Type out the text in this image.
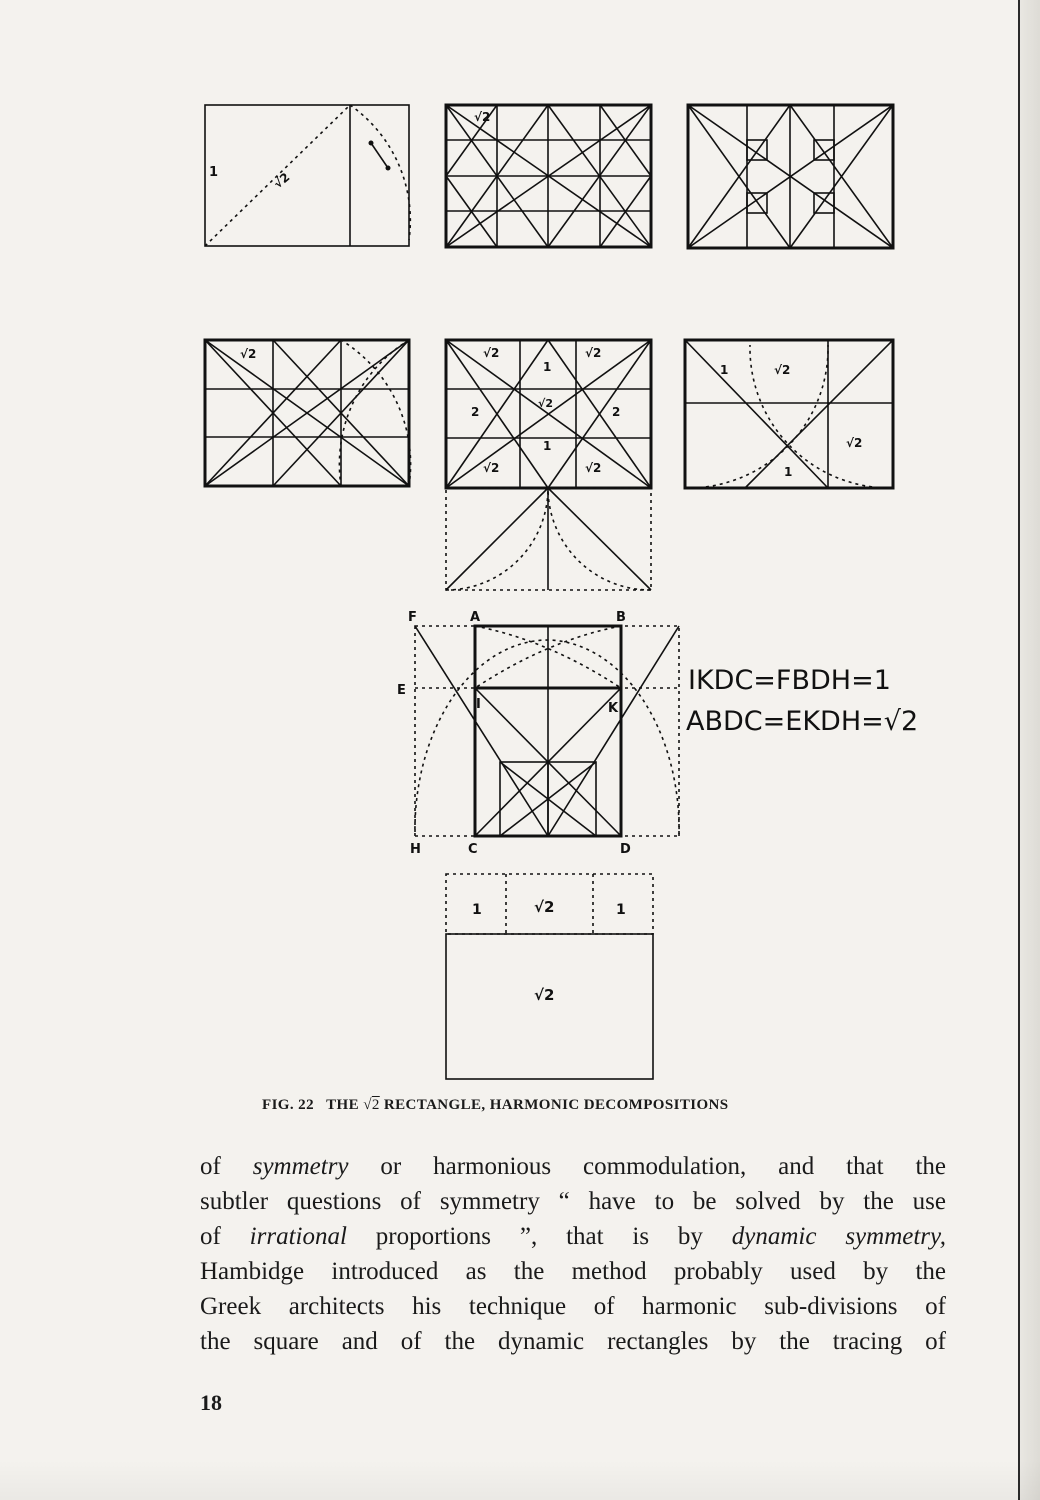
1	√2
√2
√2	√2	√2
1
2	2
√2
1
√2	√2
1	√2
√2
1
F	A	B
E
I	K
H	C	D
IKDC=FBDH=1
ABDC=EKDH=√2
1	√2	1
√2
FIG. 22 THE √2 RECTANGLE, HARMONIC DECOMPOSITIONS

of symmetry or harmonious commodulation, and that the

subtler questions of symmetry “ have to be solved by the use

of irrational proportions ”, that is by dynamic symmetry,

Hambidge introduced as the method probably used by the

Greek architects his technique of harmonic sub-divisions of

the square and of the dynamic rectangles by the tracing of

18
